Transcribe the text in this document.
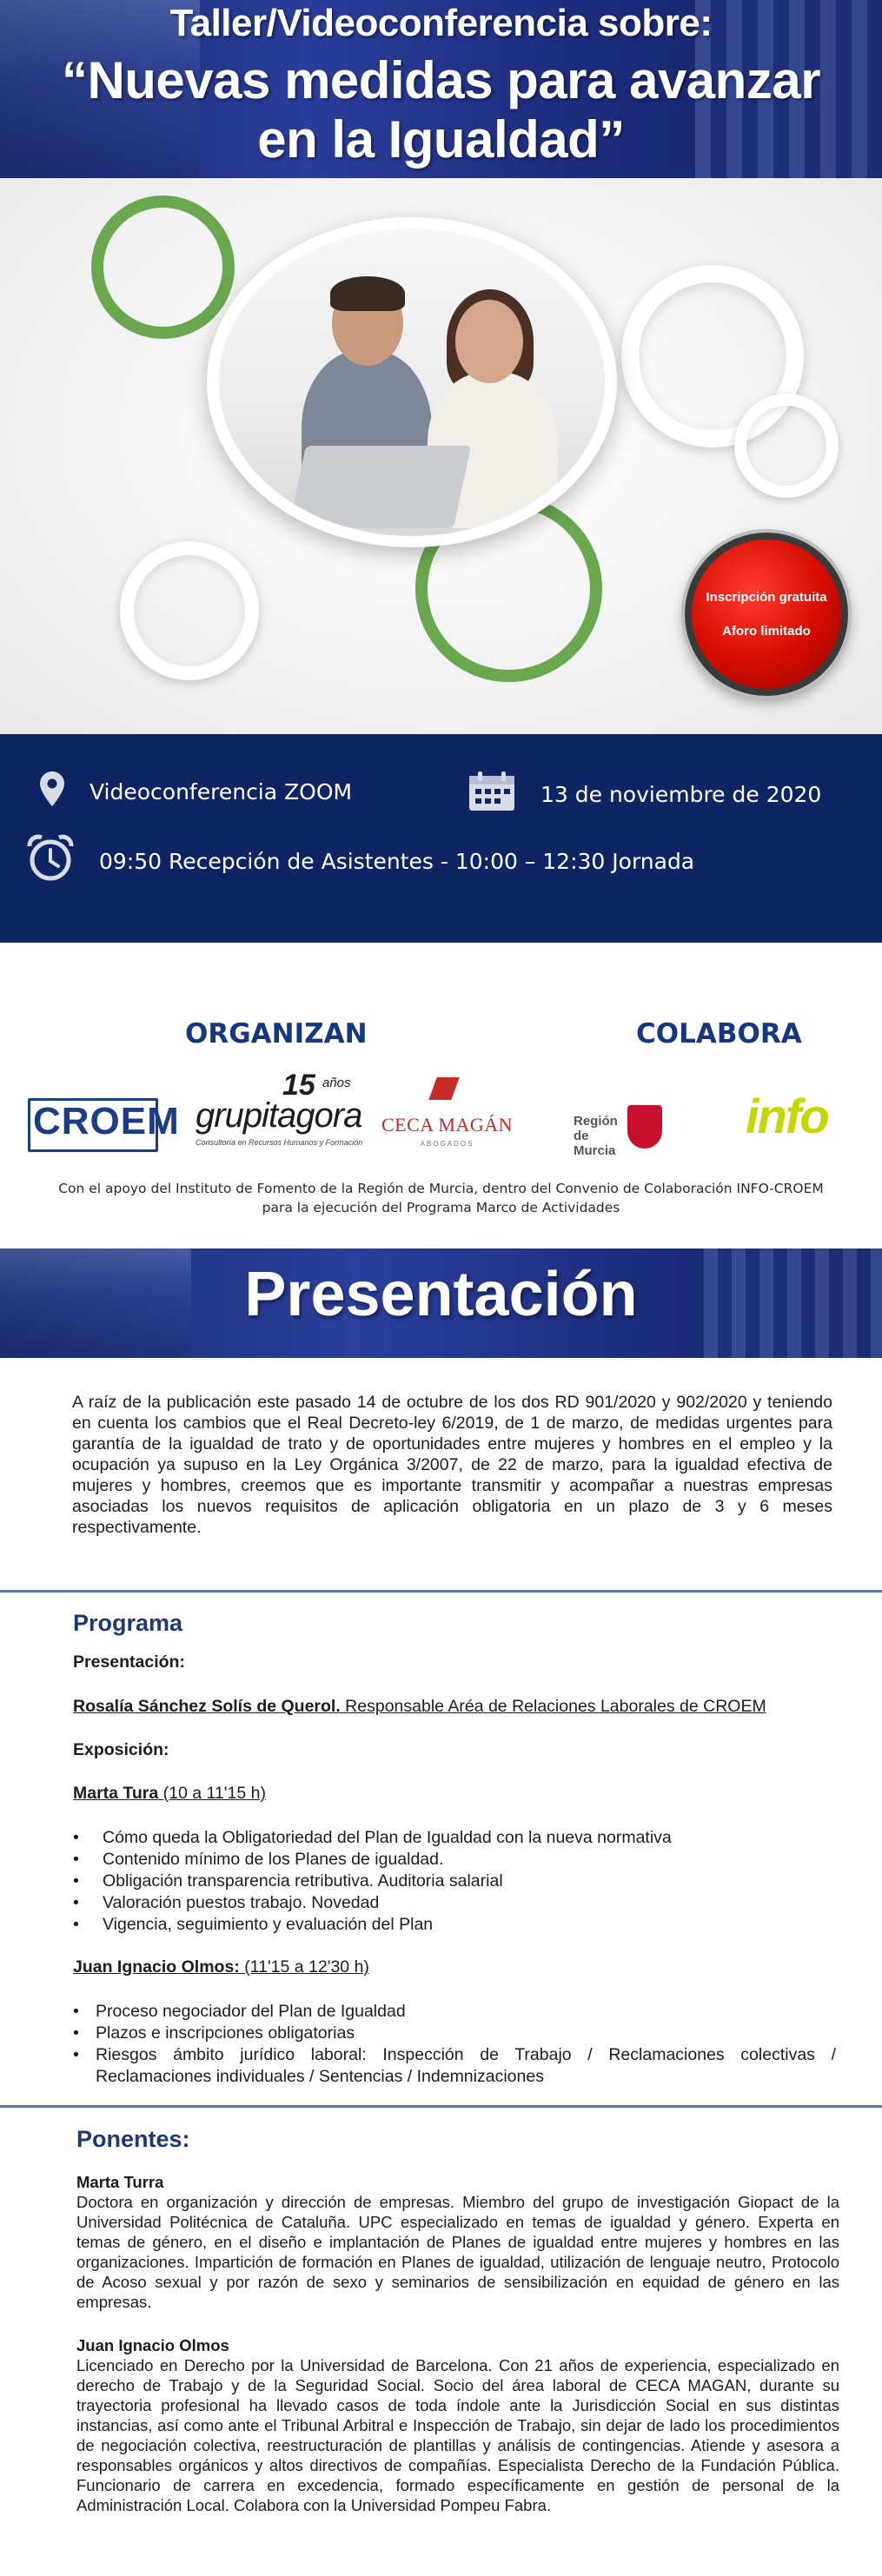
Taller/Videoconferencia sobre:
“Nuevas medidas para avanzar
en la Igualdad”
Inscripción gratuita
Aforo limitado
Videoconferencia ZOOM	13 de noviembre de 2020
09:50 Recepción de Asistentes - 10:00 – 12:30 Jornada
ORGANIZAN	COLABORA
CROEM
15 años
grupitagora
Consultoría en Recursos Humanos y Formación
CECA MAGÁN
ABOGADOS
Región de Murcia
info
Con el apoyo del Instituto de Fomento de la Región de Murcia, dentro del Convenio de Colaboración INFO-CROEM
para la ejecución del Programa Marco de Actividades
Presentación
A raíz de la publicación este pasado 14 de octubre de los dos RD 901/2020 y 902/2020 y teniendo en cuenta los cambios que el Real Decreto-ley 6/2019, de 1 de marzo, de medidas urgentes para garantía de la igualdad de trato y de oportunidades entre mujeres y hombres en el empleo y la ocupación ya supuso en la Ley Orgánica 3/2007, de 22 de marzo, para la igualdad efectiva de mujeres y hombres, creemos que es importante transmitir y acompañar a nuestras empresas asociadas los nuevos requisitos de aplicación obligatoria en un plazo de 3 y 6 meses respectivamente.
Programa
Presentación:
Rosalía Sánchez Solís de Querol. Responsable Aréa de Relaciones Laborales de CROEM
Exposición:
Marta Tura (10 a 11'15 h)
• Cómo queda la Obligatoriedad del Plan de Igualdad con la nueva normativa
• Contenido mínimo de los Planes de igualdad.
• Obligación transparencia retributiva. Auditoria salarial
• Valoración puestos trabajo. Novedad
• Vigencia, seguimiento y evaluación del Plan
Juan Ignacio Olmos: (11'15 a 12'30 h)
• Proceso negociador del Plan de Igualdad
• Plazos e inscripciones obligatorias
• Riesgos ámbito jurídico laboral: Inspección de Trabajo / Reclamaciones colectivas /
Reclamaciones individuales / Sentencias / Indemnizaciones
Ponentes:
Marta Turra
Doctora en organización y dirección de empresas. Miembro del grupo de investigación Giopact de la Universidad Politécnica de Cataluña. UPC especializado en temas de igualdad y género. Experta en temas de género, en el diseño e implantación de Planes de igualdad entre mujeres y hombres en las organizaciones. Impartición de formación en Planes de igualdad, utilización de lenguaje neutro, Protocolo de Acoso sexual y por razón de sexo y seminarios de sensibilización en equidad de género en las empresas.
Juan Ignacio Olmos
Licenciado en Derecho por la Universidad de Barcelona. Con 21 años de experiencia, especializado en derecho de Trabajo y de la Seguridad Social. Socio del área laboral de CECA MAGAN, durante su trayectoria profesional ha llevado casos de toda índole ante la Jurisdicción Social en sus distintas instancias, así como ante el Tribunal Arbitral e Inspección de Trabajo, sin dejar de lado los procedimientos de negociación colectiva, reestructuración de plantillas y análisis de contingencias. Atiende y asesora a responsables orgánicos y altos directivos de compañías. Especialista Derecho de la Fundación Pública. Funcionario de carrera en excedencia, formado específicamente en gestión de personal de la Administración Local. Colabora con la Universidad Pompeu Fabra.
